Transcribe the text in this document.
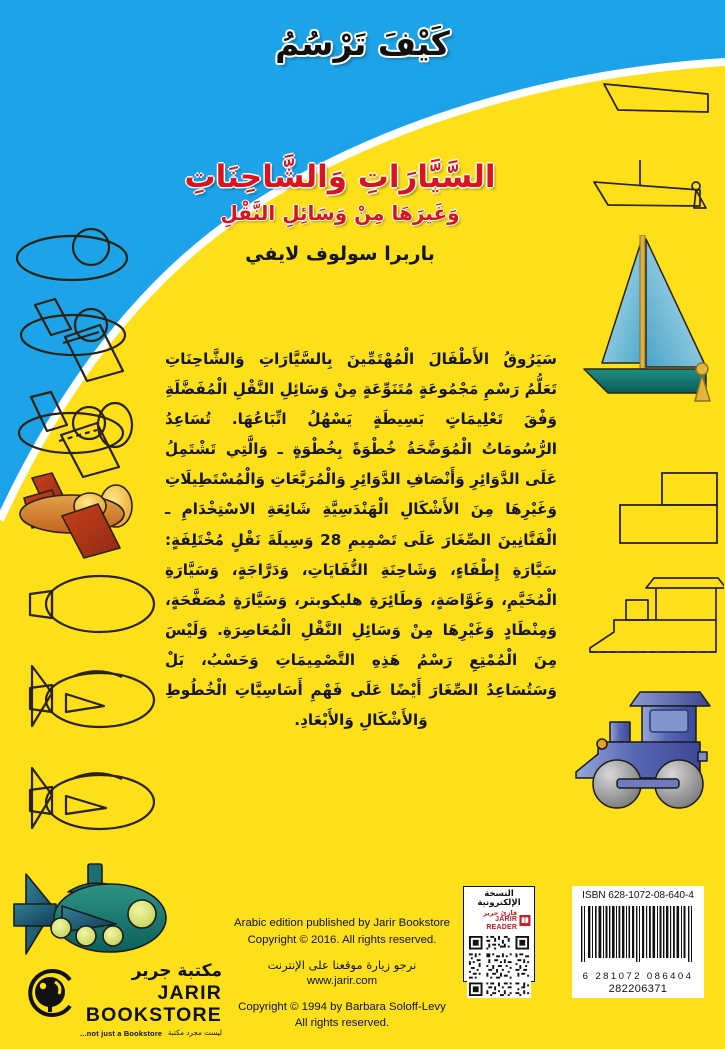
كَيْفَ تَرْسُمُ
السَّيَّارَاتِ وَالشَّاحِنَاتِ
وَغَيرَهَا مِنْ وَسَائِلِ النَّقْلِ
باربرا سولوف لايفي
سَيَرُوقُ الأَطْفَالَ الْمُهْتَمِّينَ بِالسَّيَّارَاتِ وَالشَّاحِنَاتِ تَعَلُّمُ رَسْمِ مَجْمُوعَةٍ مُتَنَوِّعَةٍ مِنْ وَسَائِلِ النَّقْلِ الْمُفَضَّلَةِ وَفْقَ تَعْلِيمَاتٍ بَسِيطَةٍ يَسْهُلُ اتِّبَاعُهَا. تُسَاعِدُ الرُّسُومَاتُ الْمُوَضَّحَةُ خُطْوَةً بِخُطْوَةٍ ـ وَالَّتِي تَشْتَمِلُ عَلَى الدَّوَائِرِ وَأَنْصَافِ الدَّوَائِرِ وَالْمُرَبَّعَاتِ وَالْمُسْتَطِيلَاتِ وَغَيْرِهَا مِنَ الأَشْكَالِ الْهَنْدَسِيَّةِ شَائِعَةِ الاسْتِخْدَامِ ـ الْفَنَّانِينَ الصِّغَارَ عَلَى تَصْمِيمِ 28 وَسِيلَةَ نَقْلٍ مُخْتَلِفَةٍ: سَيَّارَةِ إِطْفَاءٍ، وَشَاحِنَةِ النُّفَايَاتِ، وَدَرَّاجَةٍ، وَسَيَّارَةِ الْمُخَيَّمِ، وَغَوَّاصَةٍ، وَطَائِرَةِ هليكوبتر، وَسَيَّارَةٍ مُصَفَّحَةٍ، وَمِنْطَادٍ وَغَيْرِهَا مِنْ وَسَائِلِ النَّقْلِ الْمُعَاصِرَةِ. وَلَيْسَ مِنَ الْمُمْتِعِ رَسْمُ هَذِهِ التَّصْمِيمَاتِ وَحَسْبُ، بَلْ وَسَتُسَاعِدُ الصِّغَارَ أَيْضًا عَلَى فَهْمِ أَسَاسِيَّاتِ الْخُطُوطِ وَالأَشْكَالِ وَالأَبْعَادِ.
Arabic edition published by Jarir Bookstore
Copyright © 2016. All rights reserved.
نرجو زيارة موقعنا على الإنترنت
www.jarir.com
Copyright © 1994 by Barbara Soloff-Levy
All rights reserved.
مكتبة جرير
JARIR BOOKSTORE
...not just a Bookstore ليست مجرد مكتبة
النسخة الإلكترونية
قارئ جرير
JARIR READER
ISBN 628-1072-08-640-4
6 281072 086404
282206371
